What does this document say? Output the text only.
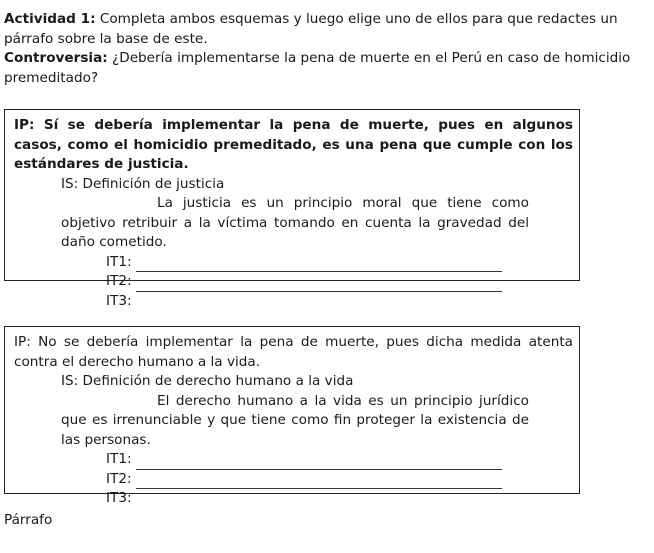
Actividad 1: Completa ambos esquemas y luego elige uno de ellos para que redactes un párrafo sobre la base de este.

Controversia: ¿Debería implementarse la pena de muerte en el Perú en caso de homicidio premeditado?

IP: Sí se debería implementar la pena de muerte, pues en algunos casos, como el homicidio premeditado, es una pena que cumple con los estándares de justicia.
IS: Definición de justicia
La justicia es un principio moral que tiene como objetivo retribuir a la víctima tomando en cuenta la gravedad del daño cometido.
IT1:
IT2:
IT3:
IP: No se debería implementar la pena de muerte, pues dicha medida atenta contra el derecho humano a la vida.
IS: Definición de derecho humano a la vida
El derecho humano a la vida es un principio jurídico que es irrenunciable y que tiene como fin proteger la existencia de las personas.
IT1:
IT2:
IT3:
Párrafo
